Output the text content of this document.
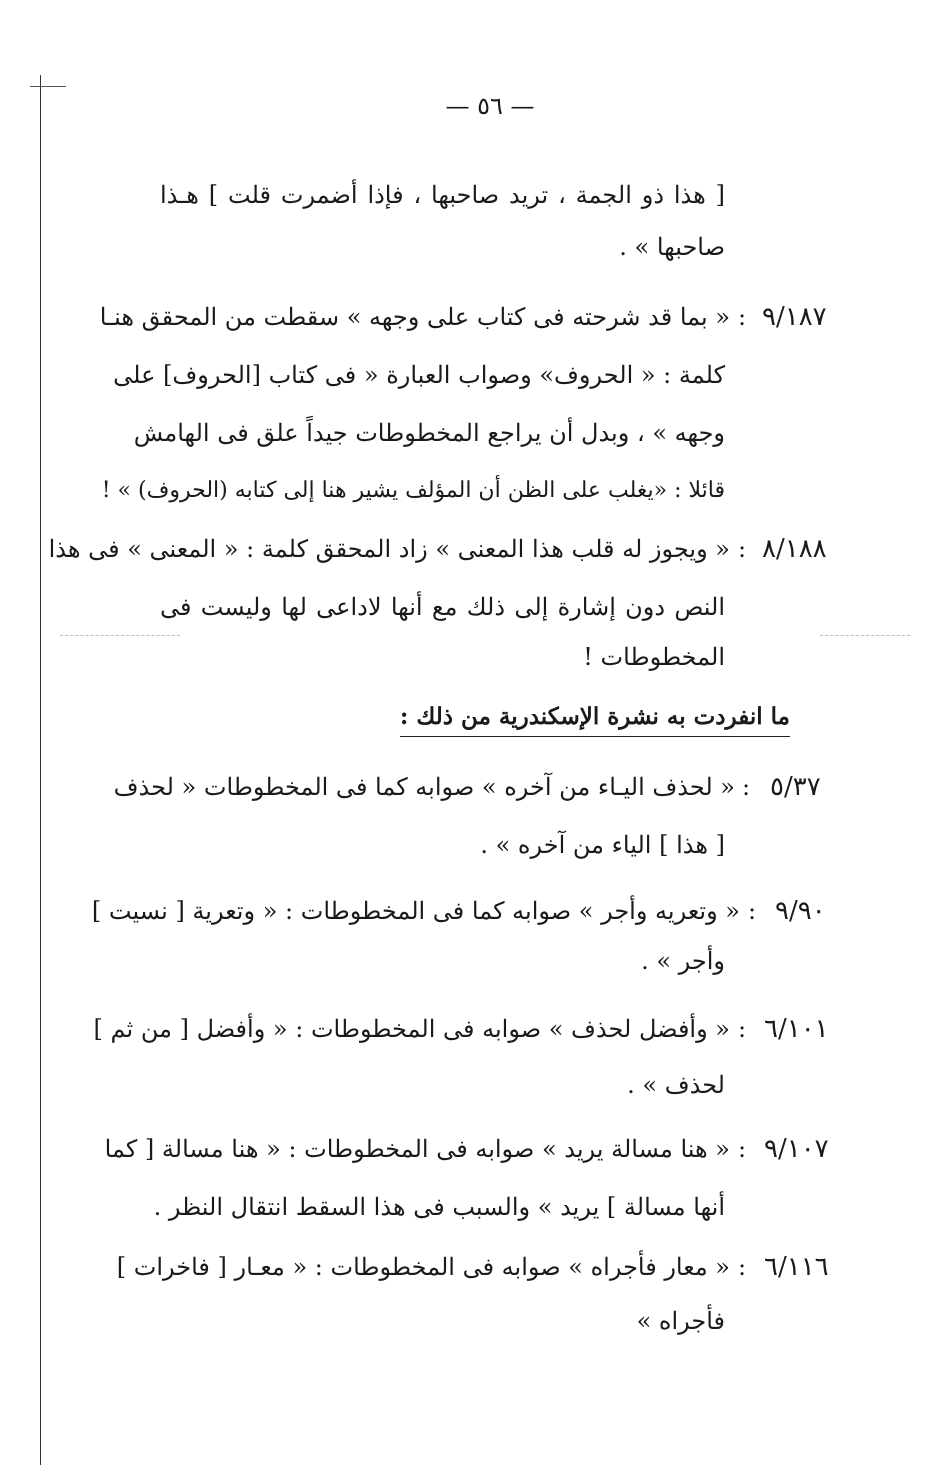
— ٥٦ —
[ هذا ذو الجمة ، تريد صاحبها ، فإذا أضمرت قلت ] هـذا
صاحبها » .
٩/١٨٧
:
« بما قد شرحته فى كتاب على وجهه » سقطت من المحقق هنـا
كلمة : « الحروف» وصواب العبارة « فى كتاب [الحروف] على
وجهه » ، وبدل أن يراجع المخطوطات جيداً علق فى الهامش
قائلا : «يغلب على الظن أن المؤلف يشير هنا إلى كتابه (الحروف) » !
٨/١٨٨
:
« ويجوز له قلب هذا المعنى » زاد المحقق كلمة : « المعنى » فى هذا
النص دون إشارة إلى ذلك مع أنها لاداعى لها وليست فى
المخطوطات !
ما انفردت به نشرة الإسكندرية من ذلك :
٥/٣٧
:
« لحذف اليـاء من آخره » صوابه كما فى المخطوطات « لحذف
[ هذا ] الياء من آخره » .
٩/٩٠
:
« وتعريه وأجر » صوابه كما فى المخطوطات : « وتعرية [ نسيت ]
وأجر » .
٦/١٠١
:
« وأفضل لحذف » صوابه فى المخطوطات : « وأفضل [ من ثم ]
لحذف » .
٩/١٠٧
:
« هنا مسالة يريد » صوابه فى المخطوطات : « هنا مسالة [ كما
أنها مسالة ] يريد » والسبب فى هذا السقط انتقال النظر .
٦/١١٦
:
« معار فأجراه » صوابه فى المخطوطات : « معـار [ فاخرات ]
فأجراه »
